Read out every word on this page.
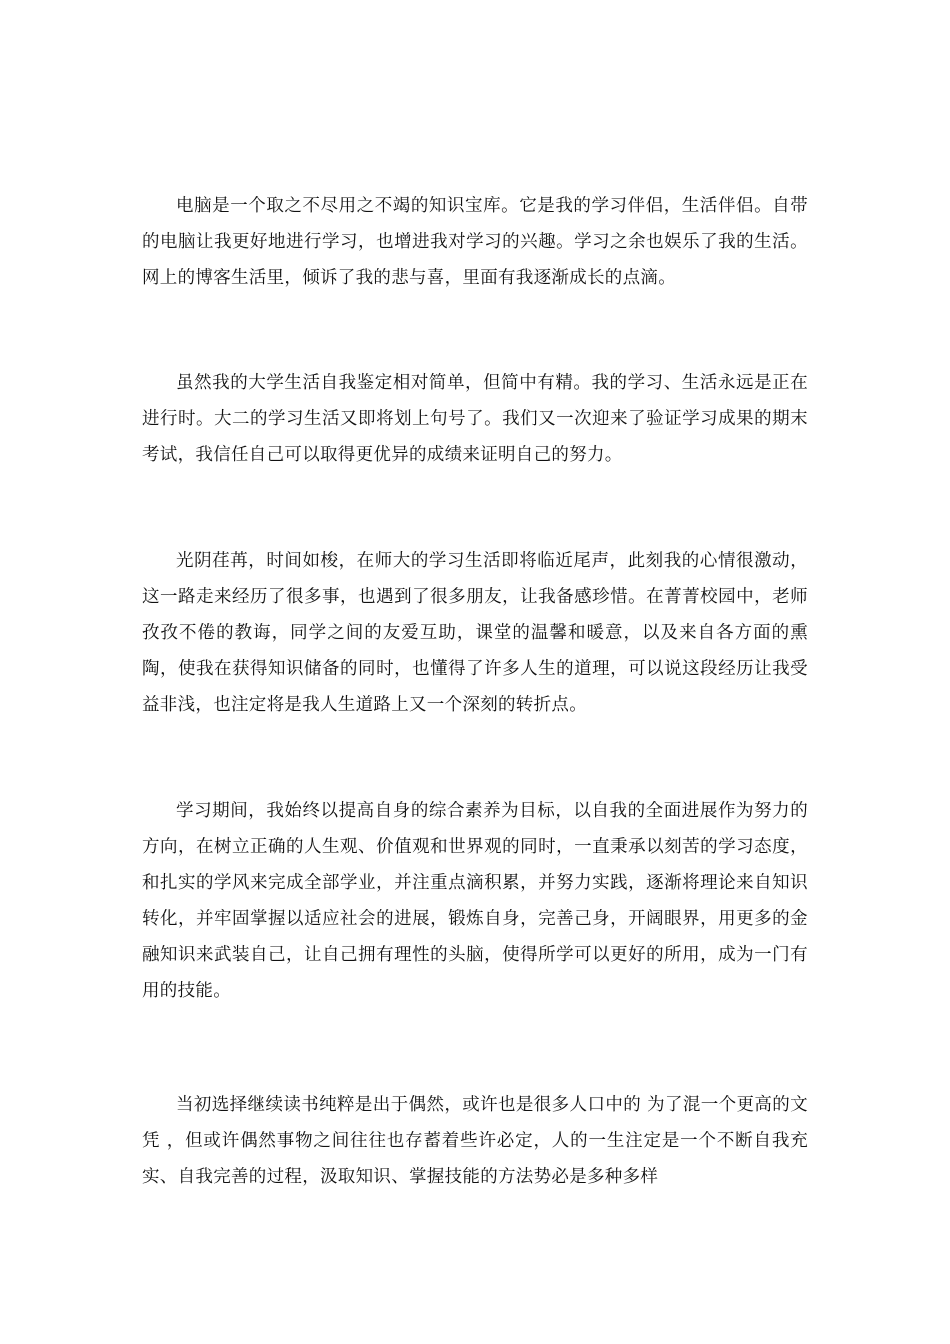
电脑是一个取之不尽用之不竭的知识宝库。它是我的学习伴侣，生活伴侣。自带的电脑让我更好地进行学习，也增进我对学习的兴趣。学习之余也娱乐了我的生活。网上的博客生活里，倾诉了我的悲与喜，里面有我逐渐成长的点滴。

虽然我的大学生活自我鉴定相对简单，但简中有精。我的学习、生活永远是正在进行时。大二的学习生活又即将划上句号了。我们又一次迎来了验证学习成果的期末考试，我信任自己可以取得更优异的成绩来证明自己的努力。

光阴荏苒，时间如梭，在师大的学习生活即将临近尾声，此刻我的心情很激动，这一路走来经历了很多事，也遇到了很多朋友，让我备感珍惜。在菁菁校园中，老师孜孜不倦的教诲，同学之间的友爱互助，课堂的温馨和暖意，以及来自各方面的熏陶，使我在获得知识储备的同时，也懂得了许多人生的道理，可以说这段经历让我受益非浅，也注定将是我人生道路上又一个深刻的转折点。

学习期间，我始终以提高自身的综合素养为目标，以自我的全面进展作为努力的方向，在树立正确的人生观、价值观和世界观的同时，一直秉承以刻苦的学习态度，和扎实的学风来完成全部学业，并注重点滴积累，并努力实践，逐渐将理论来自知识转化，并牢固掌握以适应社会的进展，锻炼自身，完善己身，开阔眼界，用更多的金融知识来武装自己，让自己拥有理性的头脑，使得所学可以更好的所用，成为一门有用的技能。

当初选择继续读书纯粹是出于偶然，或许也是很多人口中的 为了混一个更高的文凭 ，但或许偶然事物之间往往也存蓄着些许必定，人的一生注定是一个不断自我充实、自我完善的过程，汲取知识、掌握技能的方法势必是多种多样
